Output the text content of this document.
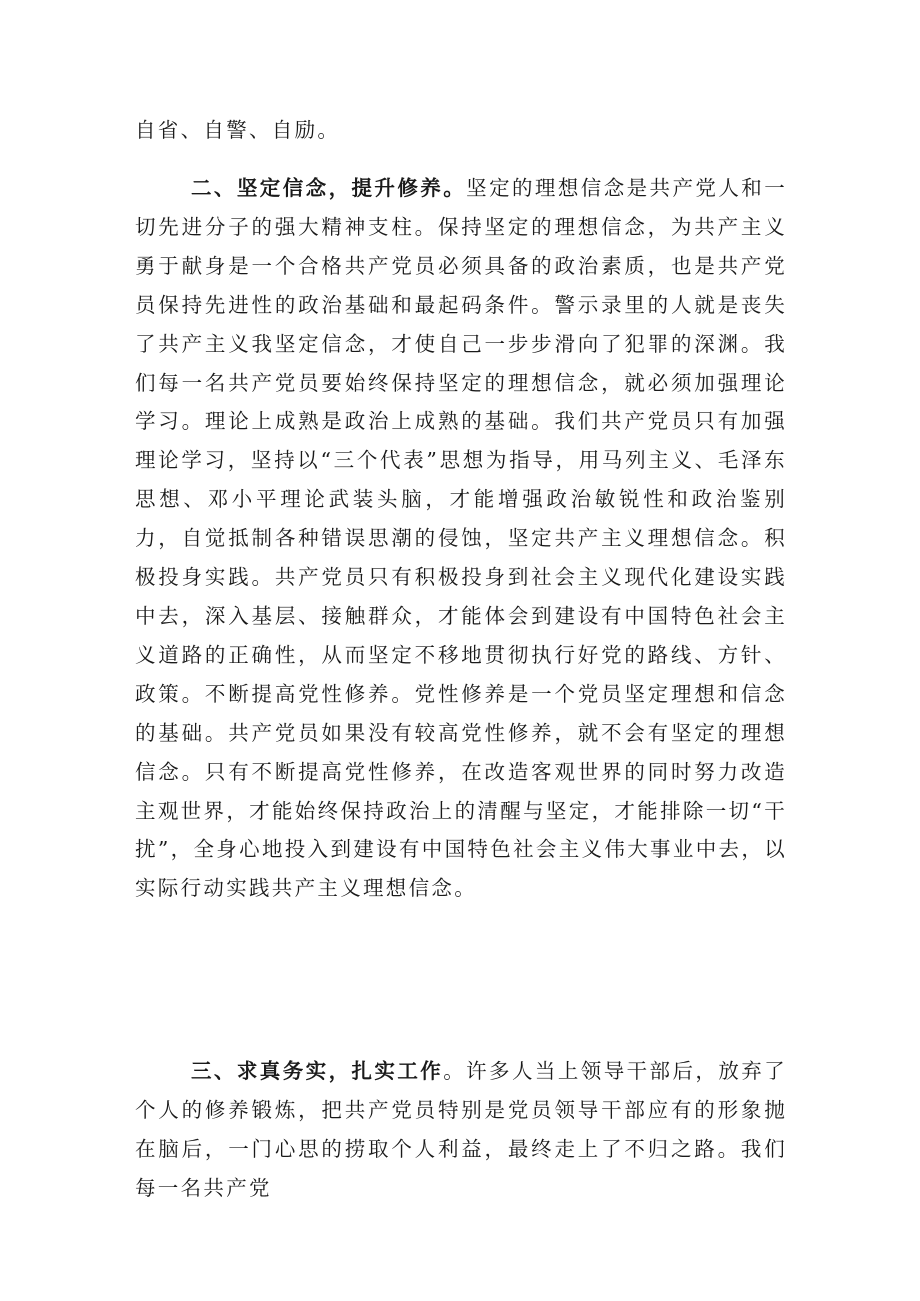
自省、自警、自励。

二、坚定信念，提升修养。坚定的理想信念是共产党人和一切先进分子的强大精神支柱。保持坚定的理想信念，为共产主义勇于献身是一个合格共产党员必须具备的政治素质，也是共产党员保持先进性的政治基础和最起码条件。警示录里的人就是丧失了共产主义我坚定信念，才使自己一步步滑向了犯罪的深渊。我们每一名共产党员要始终保持坚定的理想信念，就必须加强理论学习。理论上成熟是政治上成熟的基础。我们共产党员只有加强理论学习，坚持以“三个代表”思想为指导，用马列主义、毛泽东思想、邓小平理论武装头脑，才能增强政治敏锐性和政治鉴别力，自觉抵制各种错误思潮的侵蚀，坚定共产主义理想信念。积极投身实践。共产党员只有积极投身到社会主义现代化建设实践中去，深入基层、接触群众，才能体会到建设有中国特色社会主义道路的正确性，从而坚定不移地贯彻执行好党的路线、方针、政策。不断提高党性修养。党性修养是一个党员坚定理想和信念的基础。共产党员如果没有较高党性修养，就不会有坚定的理想信念。只有不断提高党性修养，在改造客观世界的同时努力改造主观世界，才能始终保持政治上的清醒与坚定，才能排除一切“干扰”，全身心地投入到建设有中国特色社会主义伟大事业中去，以实际行动实践共产主义理想信念。

三、求真务实，扎实工作。许多人当上领导干部后，放弃了个人的修养锻炼，把共产党员特别是党员领导干部应有的形象抛在脑后，一门心思的捞取个人利益，最终走上了不归之路。我们每一名共产党
